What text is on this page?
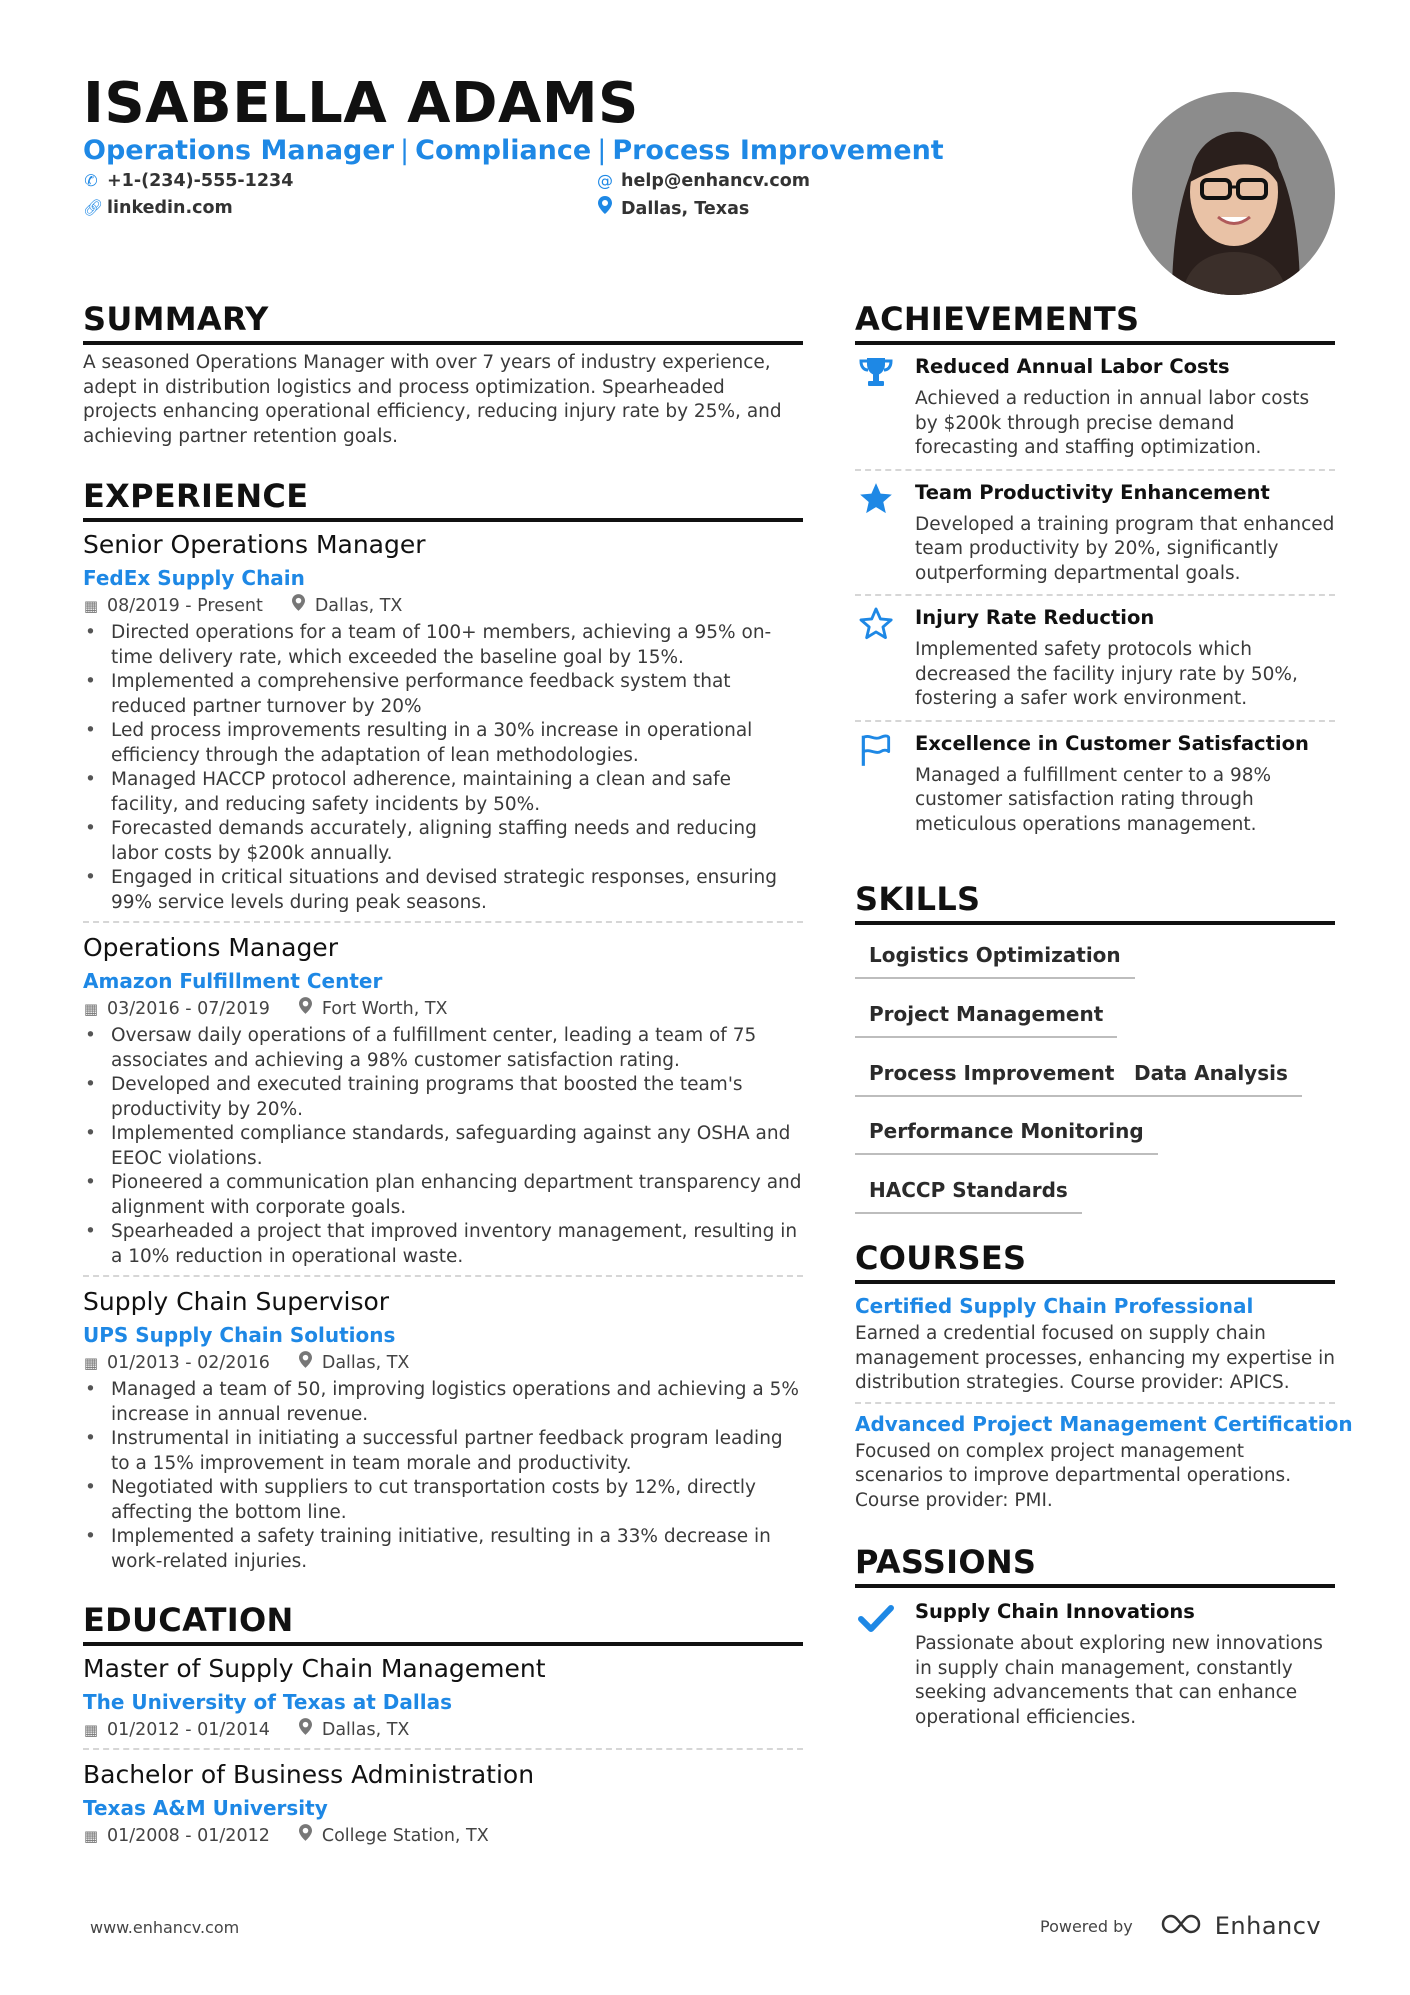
ISABELLA ADAMS
Operations Manager | Compliance | Process Improvement
✆ +1-(234)-555-1234	@ help@enhancv.com
🔗︎ linkedin.com	Dallas, Texas
SUMMARY
A seasoned Operations Manager with over 7 years of industry experience, adept in distribution logistics and process optimization. Spearheaded projects enhancing operational efficiency, reducing injury rate by 25%, and achieving partner retention goals.
EXPERIENCE
Senior Operations Manager
FedEx Supply Chain
▦ 08/2019 - Present	Dallas, TX
• Directed operations for a team of 100+ members, achieving a 95% on-time delivery rate, which exceeded the baseline goal by 15%.
• Implemented a comprehensive performance feedback system that reduced partner turnover by 20%
• Led process improvements resulting in a 30% increase in operational efficiency through the adaptation of lean methodologies.
• Managed HACCP protocol adherence, maintaining a clean and safe facility, and reducing safety incidents by 50%.
• Forecasted demands accurately, aligning staffing needs and reducing labor costs by $200k annually.
• Engaged in critical situations and devised strategic responses, ensuring 99% service levels during peak seasons.
Operations Manager
Amazon Fulfillment Center
▦ 03/2016 - 07/2019	Fort Worth, TX
• Oversaw daily operations of a fulfillment center, leading a team of 75 associates and achieving a 98% customer satisfaction rating.
• Developed and executed training programs that boosted the team's productivity by 20%.
• Implemented compliance standards, safeguarding against any OSHA and EEOC violations.
• Pioneered a communication plan enhancing department transparency and alignment with corporate goals.
• Spearheaded a project that improved inventory management, resulting in a 10% reduction in operational waste.
Supply Chain Supervisor
UPS Supply Chain Solutions
▦ 01/2013 - 02/2016	Dallas, TX
• Managed a team of 50, improving logistics operations and achieving a 5% increase in annual revenue.
• Instrumental in initiating a successful partner feedback program leading to a 15% improvement in team morale and productivity.
• Negotiated with suppliers to cut transportation costs by 12%, directly affecting the bottom line.
• Implemented a safety training initiative, resulting in a 33% decrease in work-related injuries.
EDUCATION
Master of Supply Chain Management
The University of Texas at Dallas
▦ 01/2012 - 01/2014	Dallas, TX
Bachelor of Business Administration
Texas A&M University
▦ 01/2008 - 01/2012	College Station, TX
ACHIEVEMENTS
Reduced Annual Labor Costs
Achieved a reduction in annual labor costs by $200k through precise demand forecasting and staffing optimization.
Team Productivity Enhancement
Developed a training program that enhanced team productivity by 20%, significantly outperforming departmental goals.
Injury Rate Reduction
Implemented safety protocols which decreased the facility injury rate by 50%, fostering a safer work environment.
Excellence in Customer Satisfaction
Managed a fulfillment center to a 98% customer satisfaction rating through meticulous operations management.
SKILLS
Logistics Optimization
Project Management
Process Improvement Data Analysis
Performance Monitoring
HACCP Standards
COURSES
Certified Supply Chain Professional
Earned a credential focused on supply chain management processes, enhancing my expertise in distribution strategies. Course provider: APICS.
Advanced Project Management Certification
Focused on complex project management scenarios to improve departmental operations. Course provider: PMI.
PASSIONS
Supply Chain Innovations
Passionate about exploring new innovations in supply chain management, constantly seeking advancements that can enhance operational efficiencies.
www.enhancv.com	Powered by	Enhancv
